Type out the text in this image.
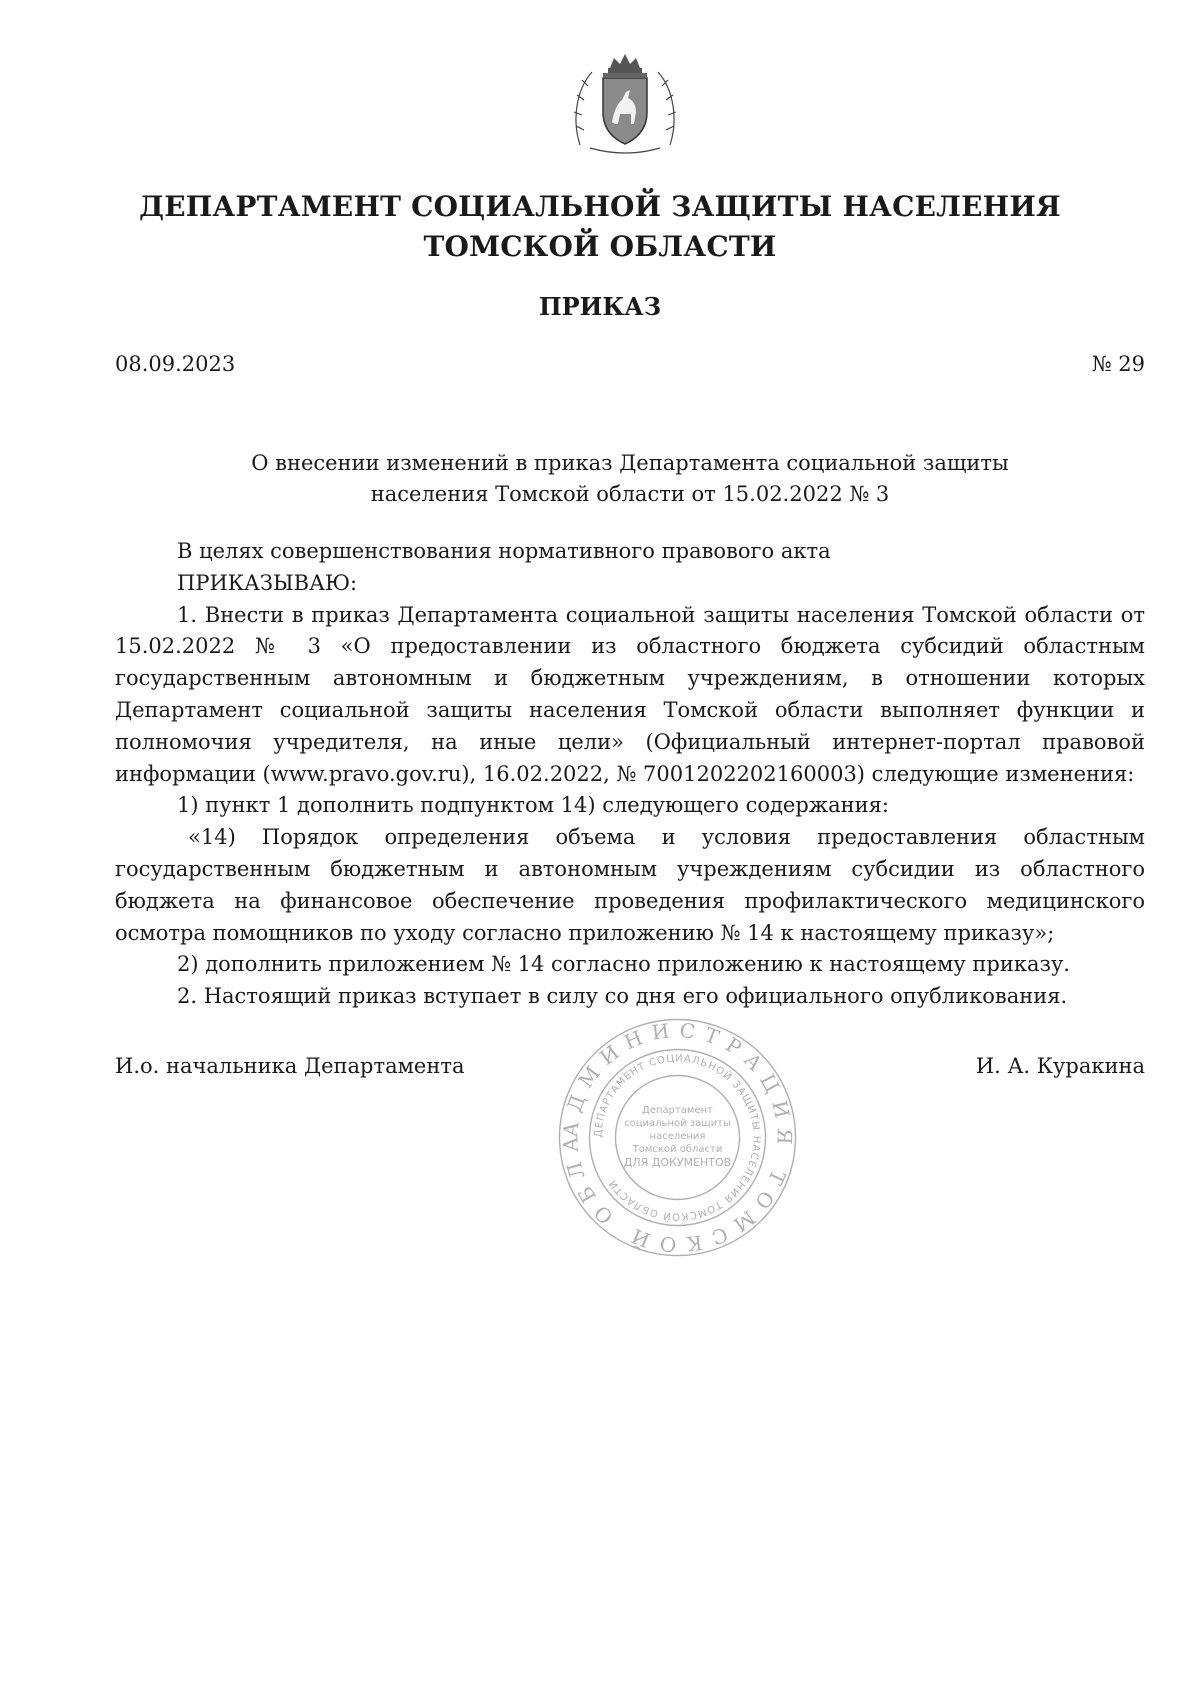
ДЕПАРТАМЕНТ СОЦИАЛЬНОЙ ЗАЩИТЫ НАСЕЛЕНИЯ
ТОМСКОЙ ОБЛАСТИ
ПРИКАЗ
08.09.2023	№ 29
О внесении изменений в приказ Департамента социальной защиты
населения Томской области от 15.02.2022 № 3

В целях совершенствования нормативного правового акта

ПРИКАЗЫВАЮ:

1. Внести в приказ Департамента социальной защиты населения Томской области от 15.02.2022 № 3 «О предоставлении из областного бюджета субсидий областным государственным автономным и бюджетным учреждениям, в отношении которых Департамент социальной защиты населения Томской области выполняет функции и полномочия учредителя, на иные цели» (Официальный интернет-портал правовой информации (www.pravo.gov.ru), 16.02.2022, № 7001202202160003) следующие изменения:

1) пункт 1 дополнить подпунктом 14) следующего содержания:

«14) Порядок определения объема и условия предоставления областным государственным бюджетным и автономным учреждениям субсидии из областного бюджета на финансовое обеспечение проведения профилактического медицинского осмотра помощников по уходу согласно приложению № 14 к настоящему приказу»;

2) дополнить приложением № 14 согласно приложению к настоящему приказу.

2. Настоящий приказ вступает в силу со дня его официального опубликования.

И.о. начальника Департамента	И. А. Куракина
АДМИНИСТРАЦИЯ ТОМСКОЙ ОБЛА	ДЕПАРТАМЕНТ СОЦИАЛЬНОЙ ЗАЩИТЫ НАСЕЛЕНИЯ ТОМСКОЙ ОБЛАСТИ
Департамент
социальной защиты
населения
Томской области
ДЛЯ ДОКУМЕНТОВ
